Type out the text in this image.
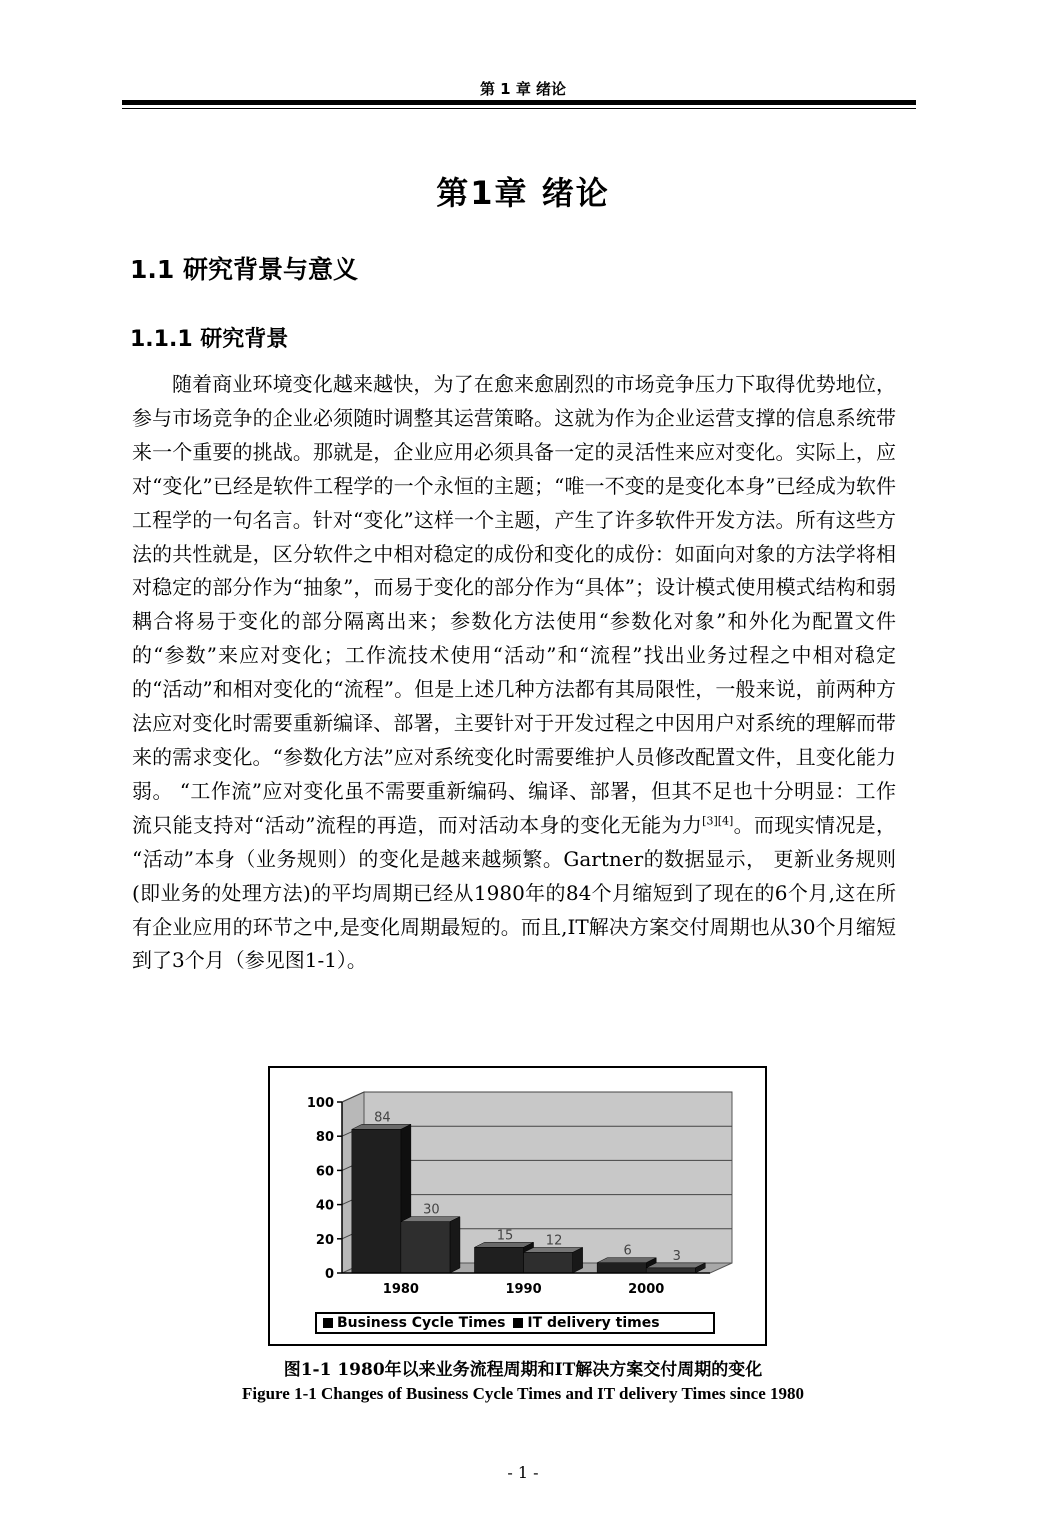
第 1 章 绪论
第1章 绪论
1.1 研究背景与意义
1.1.1 研究背景

随着商业环境变化越来越快，为了在愈来愈剧烈的市场竞争压力下取得优势地位，参与市场竞争的企业必须随时调整其运营策略。这就为作为企业运营支撑的信息系统带来一个重要的挑战。那就是，企业应用必须具备一定的灵活性来应对变化。实际上，应对“变化”已经是软件工程学的一个永恒的主题；“唯一不变的是变化本身”已经成为软件工程学的一句名言。针对“变化”这样一个主题，产生了许多软件开发方法。所有这些方法的共性就是，区分软件之中相对稳定的成份和变化的成份：如面向对象的方法学将相对稳定的部分作为“抽象”，而易于变化的部分作为“具体”；设计模式使用模式结构和弱耦合将易于变化的部分隔离出来；参数化方法使用“参数化对象”和外化为配置文件的“参数”来应对变化；工作流技术使用“活动”和“流程”找出业务过程之中相对稳定的“活动”和相对变化的“流程”。但是上述几种方法都有其局限性，一般来说，前两种方法应对变化时需要重新编译、部署，主要针对于开发过程之中因用户对系统的理解而带来的需求变化。“参数化方法”应对系统变化时需要维护人员修改配置文件，且变化能力弱。 “工作流”应对变化虽不需要重新编码、编译、部署，但其不足也十分明显：工作流只能支持对“活动”流程的再造，而对活动本身的变化无能为力[3][4]。而现实情况是， “活动”本身（业务规则）的变化是越来越频繁。Gartner的数据显示， 更新业务规则(即业务的处理方法)的平均周期已经从1980年的84个月缩短到了现在的6个月,这在所有企业应用的环节之中,是变化周期最短的。而且,IT解决方案交付周期也从30个月缩短到了3个月（参见图1-1）。

0
20
40
60
80
100
84
30
1980
15	12
1990
6	3
2000
Business Cycle Times IT delivery times
图1-1 1980年以来业务流程周期和IT解决方案交付周期的变化
Figure 1-1 Changes of Business Cycle Times and IT delivery Times since 1980
- 1 -
